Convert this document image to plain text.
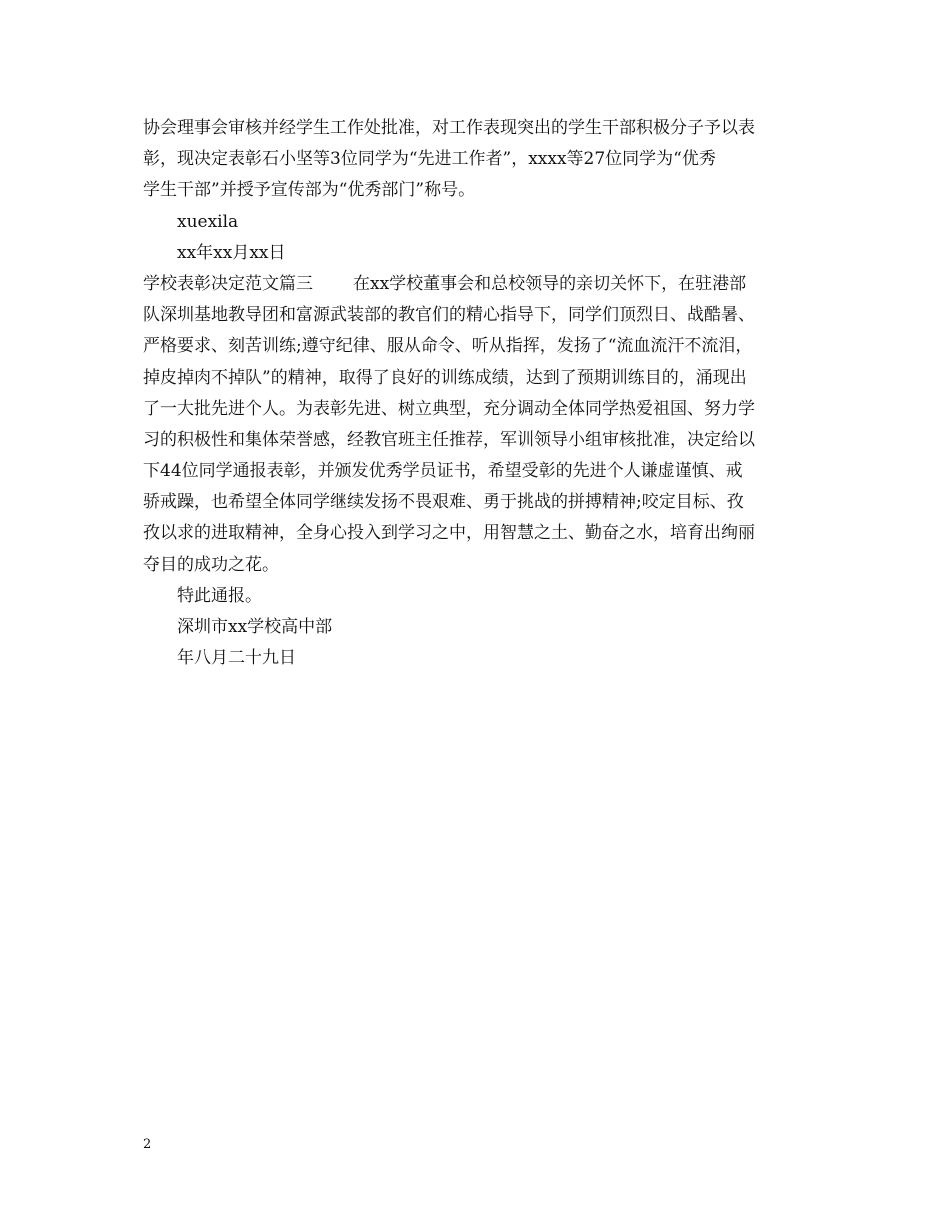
协会理事会审核并经学生工作处批准，对工作表现突出的学生干部积极分子予以表
彰，现决定表彰石小坚等3位同学为“先进工作者”，xxxx等27位同学为“优秀
学生干部”并授予宣传部为“优秀部门”称号。
xuexila
xx年xx月xx日
学校表彰决定范文篇三 在xx学校董事会和总校领导的亲切关怀下，在驻港部
队深圳基地教导团和富源武装部的教官们的精心指导下，同学们顶烈日、战酷暑、
严格要求、刻苦训练;遵守纪律、服从命令、听从指挥，发扬了“流血流汗不流泪，
掉皮掉肉不掉队”的精神，取得了良好的训练成绩，达到了预期训练目的，涌现出
了一大批先进个人。为表彰先进、树立典型，充分调动全体同学热爱祖国、努力学
习的积极性和集体荣誉感，经教官班主任推荐，军训领导小组审核批准，决定给以
下44位同学通报表彰，并颁发优秀学员证书，希望受彰的先进个人谦虚谨慎、戒
骄戒躁，也希望全体同学继续发扬不畏艰难、勇于挑战的拼搏精神;咬定目标、孜
孜以求的进取精神，全身心投入到学习之中，用智慧之土、勤奋之水，培育出绚丽
夺目的成功之花。
特此通报。
深圳市xx学校高中部
年八月二十九日
2
